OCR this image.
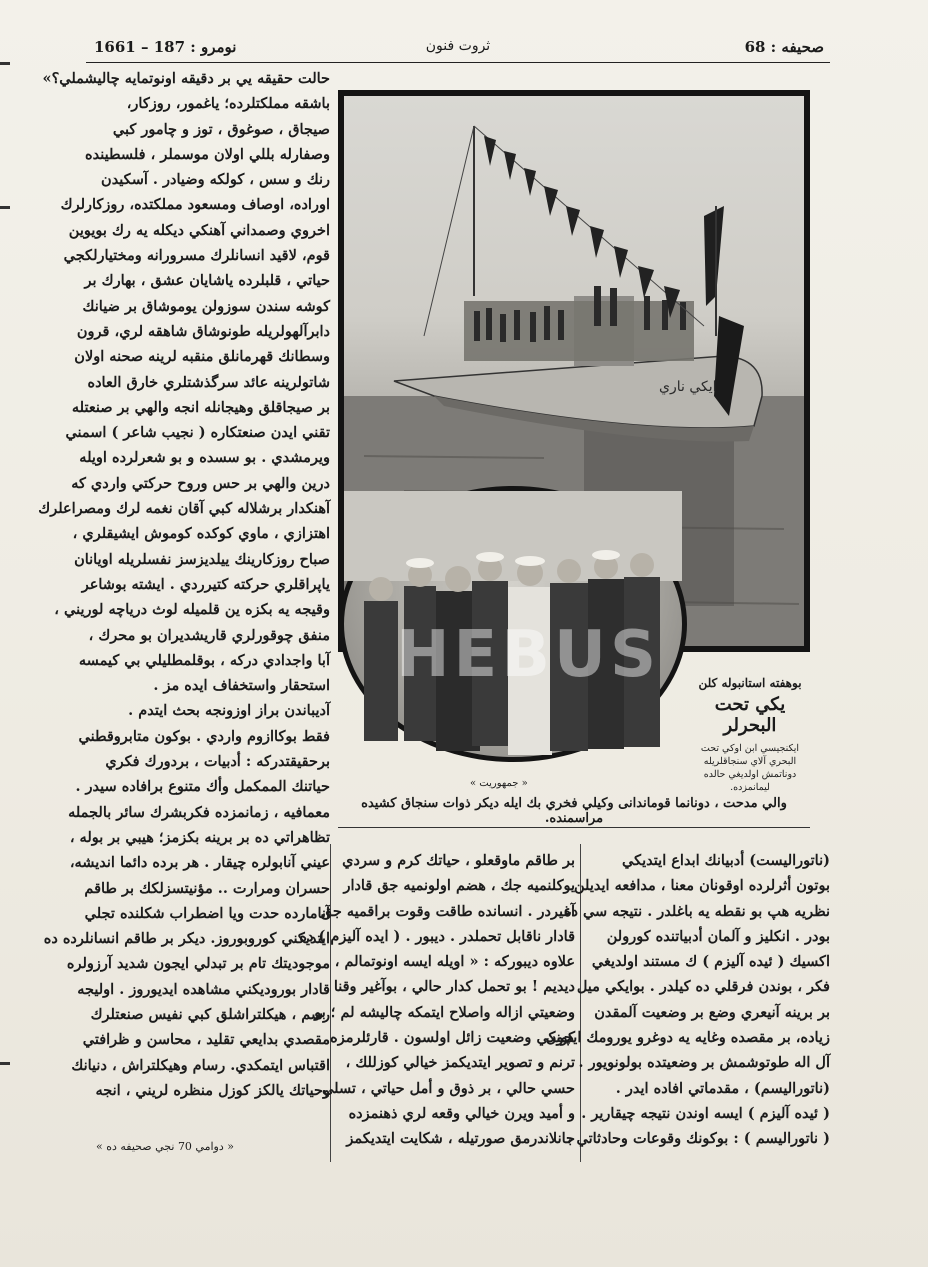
نومرو : 187 – 1661	ثروت فنون	صحيفه : 68
حالت حقيقه يي بر دقيقه اونوتمايه چاليشملي؟»
باشقه مملكتلرده؛ ياغمور، روزكار،
صيجاق ، صوغوق ، توز و چامور كبي
وصفارله بللي اولان موسملر ، فلسطينده
رنك و سس ، كولكه وضيادر . آسكيدن
اوراده، اوصاف ومسعود مملكتده، روزكارلرك
اخروي وصمداني آهنكي ديكله يه رك بويوين
قوم، لاقيد انسانلرك مسرورانه ومختيارلكجي
حياتي ، قلبلرده ياشايان عشق ، بهارك بر
كوشه سندن سوزولن يوموشاق بر ضيانك
دابرآلهولريله طونوشاق شاهقه لري، قرون
وسطانك قهرمانلق منقبه لرينه صحنه اولان
شاتولرينه عائد سرگذشتلري خارق العاده
بر صيجاقلق وهيجانله انجه والهي بر صنعتله
تقني ايدن صنعتكاره ( نجيب شاعر ) اسمني
ويرمشدي . بو سسده و بو شعرلرده اويله
درين والهي بر حس وروح حركتي واردي كه
آهنكدار برشلاله كبي آقان نغمه لرك ومصراعلرك
اهتزازي ، ماوي كوكده كوموش ايشيقلري ،
صباح روزكارينك ييلديزسز نفسلريله اويانان
ياپراقلري حركته كتيرردي . ايشته بوشاعر
وقيجه يه بكزه ين قلميله لوث درياچه لوريني ،
منفق چوقورلري قاريشديران بو محرك ،
آبا واجدادي دركه ، بوقلمطليلي بي كيمسه
استحقار واستخفاف ايده مز .
آديباندن براز اوزونجه بحث ايتدم .
فقط بوكاازوم واردي . بوكون متابروقطني
برحقيقتدركه : أدبيات ، بردورك فكري
حياتنك الممكمل وأك متنوع برافاده سيدر .
معمافيه ، زمانمزده فكربشرك سائر بالجمله
تظاهراتي ده بر برينه بكزمز؛ هيبي بر بوله ،
عيني آنابولره چيقار . هر برده دائما انديشه،
حسران ومرارت .. مؤنيتسزلكك بر طاقم
آنامارده حدت ويا اضطراب شكلنده تجلي
ايتديكني كوروبوروز. ديكر بر طاقم انسانلرده ده
موجوديتك تام بر تبدلي ايجون شديد آرزولره
قادار بوروديكني مشاهده ايديوروز . اوليجه
رسم ، هيكلتراشلق كبي نفيس صنعتلرك
مقصدي بدايعي تقليد ، محاسن و ظرافتي
اقتباس ايتمكدي. رسام وهيكلتراش ، دنيانك
وحياتك يالكز كوزل منظره لريني ، انجه
« دوامي 70 نجي صحيفه ده »
ايكي ناري
HEBUS	بوهفته استانبوله كلن
يكي تحت البحرلر
ايكنجيسي ابن اوكي تحت البحري آلاي سنجاقلريله دوناتمش اولديغي حالده ليمانمزده.
« جمهوريت »
والي مدحت ، دونانما قوماندانى وكيلي فخري بك ايله ديكر ذوات سنجاق كشيده مراسمنده.
بر طاقم ماوقعلو ، حياتك كرم و سردي
يوكلنميه جك ، هضم اولونميه جق قادار
آغيردر . انسانده طاقت وقوت براقميه جق
قادار ناقابل تحملدر . ديبور . ( ايده آليزم ) ده
علاوه ديبوركه : « اويله ايسه اونوتمالم ،
ديديم ! بو تحمل كدار حالي ، بوآغير وقنا
وضعيتي ازاله واصلاح ايتمكه چاليشه لم ؛ بو
كونكي وضعيت زائل اولسون . قارئلرمزه
ترنم و تصوير ايتديكمز خيالي كوزللك ،
حسي حالي ، بر ذوق و أمل حياتي ، تسلي
و أميد ويرن خيالي وقعه لري ذهنمزده
جانلاندرمق صورتيله ، شكايت ايتديكمز
(ناتوراليست) أدبيانك ابداع ايتديكي
بوتون أثرلرده اوقونان معنا ، مدافعه ايديلن
نظريه هپ بو نقطه يه باغلدر . نتيجه سي ده
بودر . انكليز و آلمان أدبياتنده كورولن
اكسيك ( ئيده آليزم ) ك مستند اولديغي
فكر ، بوندن فرقلي ده كيلدر . بوايكي ميل
بر برينه آنيعري وضع بر وضعيت آلمقدن
زياده، بر مقصده وغايه يه دوغرو يورومك ايچون
آل اله طوتوشمش بر وضعيتده بولونويور .
(ناتوراليسم) ، مقدماتي افاده ايدر .
( ئيده آليزم ) ايسه اوندن نتيجه چيقارير .
( ناتوراليسم ) : بوكونك وقوعات وحادثاتي ،
